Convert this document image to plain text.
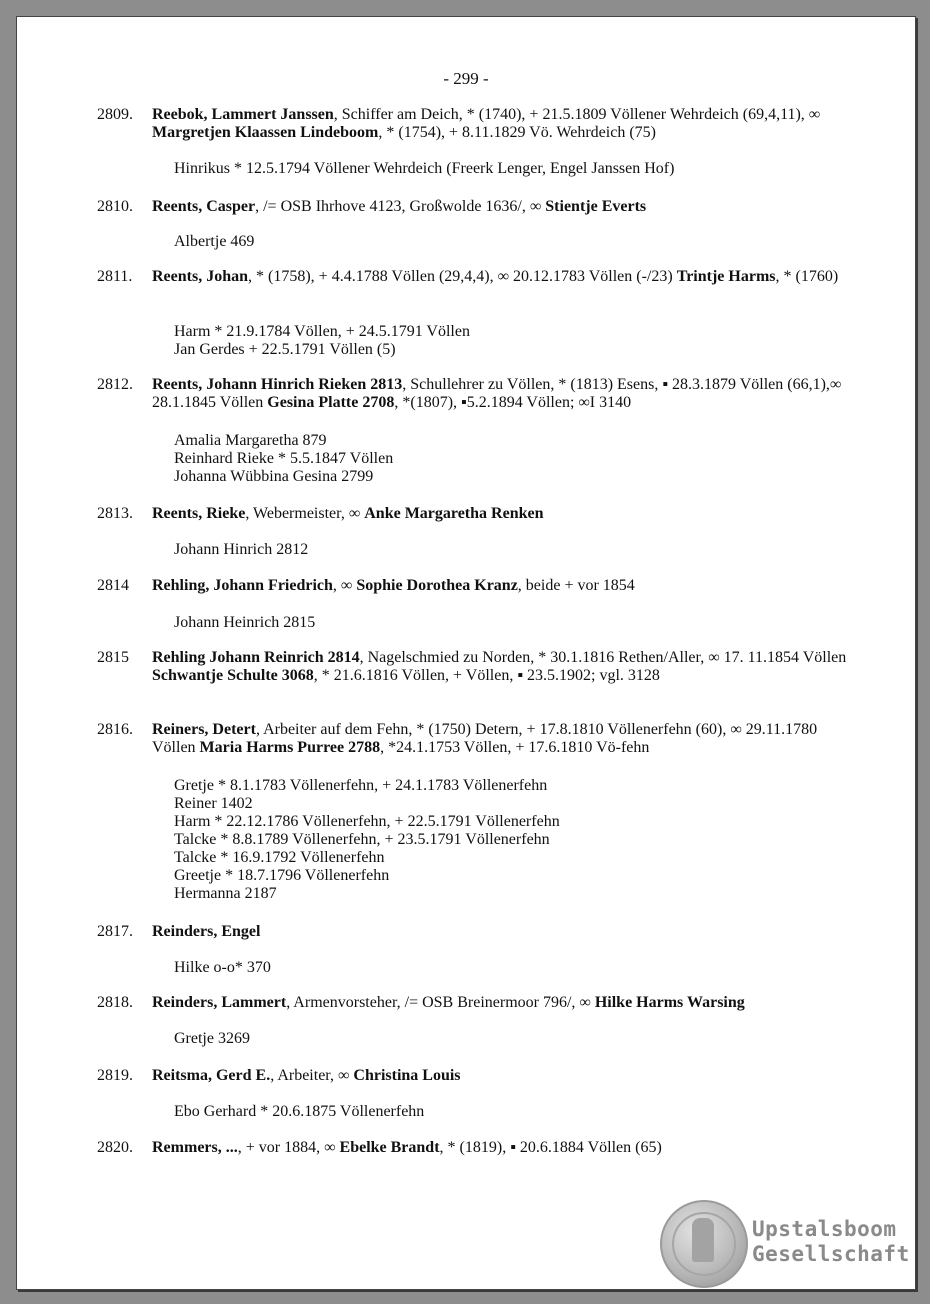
- 299 -
2809.	Reebok, Lammert Janssen, Schiffer am Deich, * (1740), + 21.5.1809 Völlener Wehrdeich (69,4,11), ∞ Margretjen Klaassen Lindeboom, * (1754), + 8.11.1829 Vö. Wehrdeich (75)
Hinrikus * 12.5.1794 Völlener Wehrdeich (Freerk Lenger, Engel Janssen Hof)
2810.	Reents, Casper, /= OSB Ihrhove 4123, Großwolde 1636/, ∞ Stientje Everts
Albertje 469
2811.	Reents, Johan, * (1758), + 4.4.1788 Völlen (29,4,4), ∞ 20.12.1783 Völlen (-/23) Trintje Harms, * (1760)
Harm * 21.9.1784 Völlen, + 24.5.1791 Völlen
Jan Gerdes + 22.5.1791 Völlen (5)
2812.	Reents, Johann Hinrich Rieken 2813, Schullehrer zu Völlen, * (1813) Esens, ▪ 28.3.1879 Völlen (66,1),∞ 28.1.1845 Völlen Gesina Platte 2708, *(1807), ▪5.2.1894 Völlen; ∞I 3140
Amalia Margaretha 879
Reinhard Rieke * 5.5.1847 Völlen
Johanna Wübbina Gesina 2799
2813.	Reents, Rieke, Webermeister, ∞ Anke Margaretha Renken
Johann Hinrich 2812
2814	Rehling, Johann Friedrich, ∞ Sophie Dorothea Kranz, beide + vor 1854
Johann Heinrich 2815
2815	Rehling Johann Reinrich 2814, Nagelschmied zu Norden, * 30.1.1816 Rethen/Aller, ∞ 17. 11.1854 Völlen Schwantje Schulte 3068, * 21.6.1816 Völlen, + Völlen, ▪ 23.5.1902; vgl. 3128
2816.	Reiners, Detert, Arbeiter auf dem Fehn, * (1750) Detern, + 17.8.1810 Völlenerfehn (60), ∞ 29.11.1780 Völlen Maria Harms Purree 2788, *24.1.1753 Völlen, + 17.6.1810 Vö-fehn
Gretje * 8.1.1783 Völlenerfehn, + 24.1.1783 Völlenerfehn
Reiner 1402
Harm * 22.12.1786 Völlenerfehn, + 22.5.1791 Völlenerfehn
Talcke * 8.8.1789 Völlenerfehn, + 23.5.1791 Völlenerfehn
Talcke * 16.9.1792 Völlenerfehn
Greetje * 18.7.1796 Völlenerfehn
Hermanna 2187
2817.	Reinders, Engel
Hilke o-o* 370
2818.	Reinders, Lammert, Armenvorsteher, /= OSB Breinermoor 796/, ∞ Hilke Harms Warsing
Gretje 3269
2819.	Reitsma, Gerd E., Arbeiter, ∞ Christina Louis
Ebo Gerhard * 20.6.1875 Völlenerfehn
2820.	Remmers, ..., + vor 1884, ∞ Ebelke Brandt, * (1819), ▪ 20.6.1884 Völlen (65)
Upstalsboom
Gesellschaft
